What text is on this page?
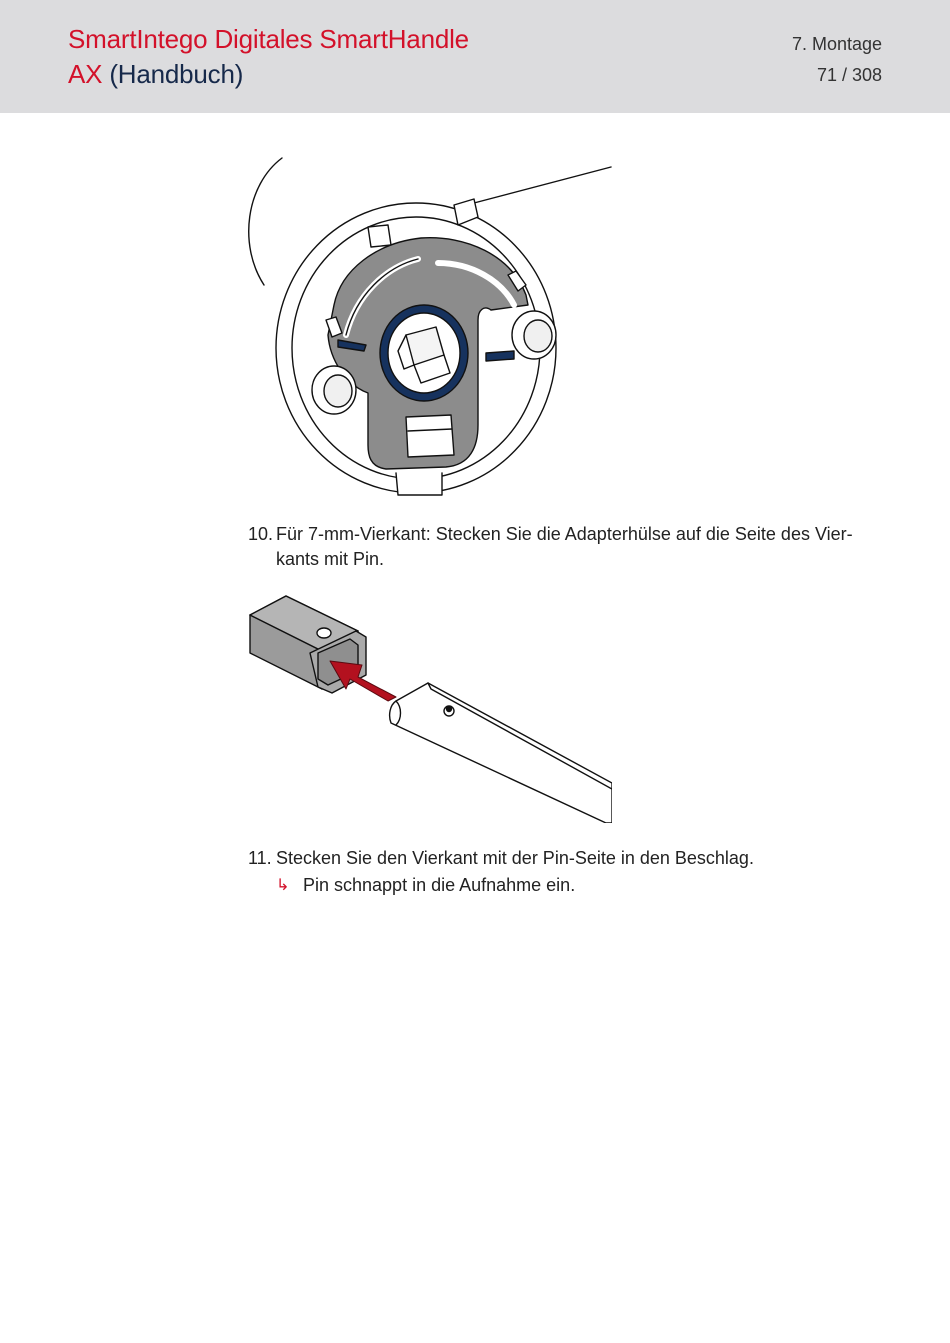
SmartIntego Digitales SmartHandle
AX (Handbuch)
7. Montage
71 / 308
10. Für 7-mm-Vierkant: Stecken Sie die Adapterhülse auf die Seite des Vier- kants mit Pin.
11. Stecken Sie den Vierkant mit der Pin-Seite in den Beschlag.
↳ Pin schnappt in die Aufnahme ein.
